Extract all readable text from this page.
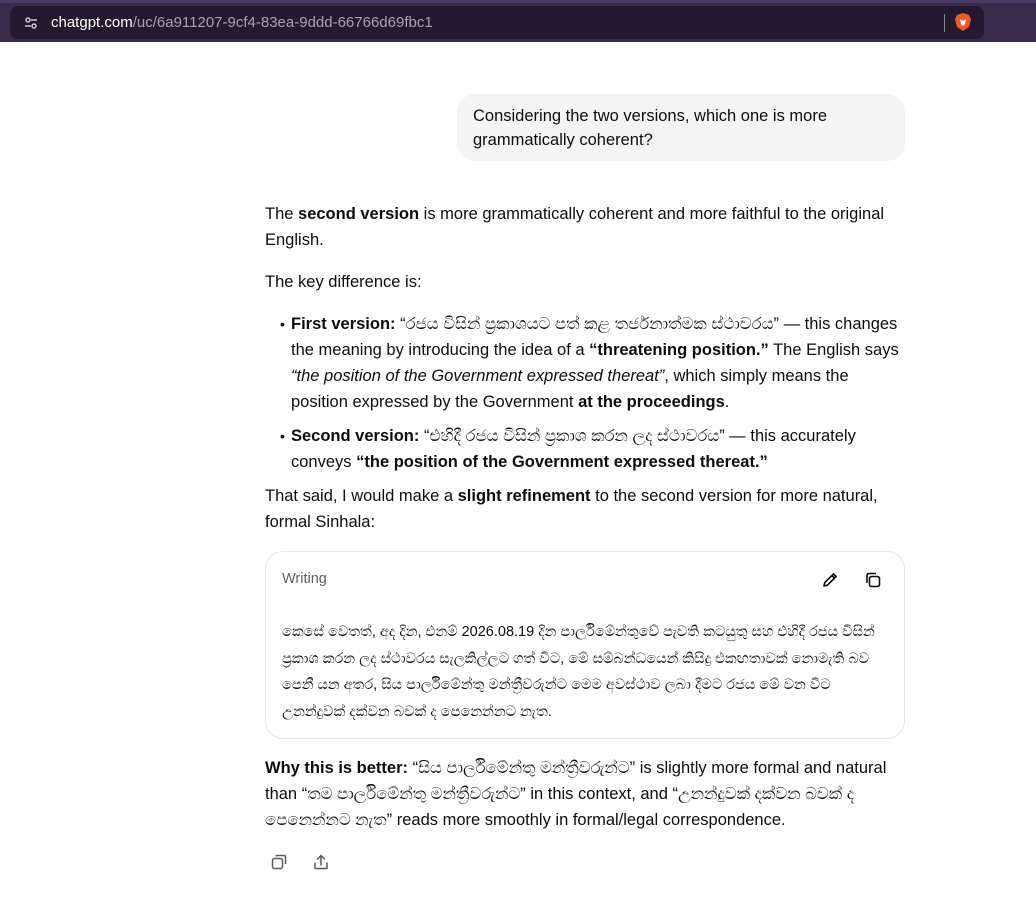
chatgpt.com/uc/6a911207-9cf4-83ea-9ddd-66766d69fbc1
Considering the two versions, which one is more grammatically coherent?

The second version is more grammatically coherent and more faithful to the original English.

The key difference is:

• First version: “රජය විසින් ප්‍රකාශයට පත් කළ තර්ජනාත්මක ස්ථාවරය” — this changes the meaning by introducing the idea of a “threatening position.” The English says “the position of the Government expressed thereat”, which simply means the position expressed by the Government at the proceedings.
• Second version: “එහිදී රජය විසින් ප්‍රකාශ කරන ලද ස්ථාවරය” — this accurately conveys “the position of the Government expressed thereat.”

That said, I would make a slight refinement to the second version for more natural, formal Sinhala:

Writing
කෙසේ වෙතත්, අද දින, එනම් 2026.08.19 දින පාර්ලිමේන්තුවේ පැවති කටයුතු සහ එහිදී රජය විසින් ප්‍රකාශ කරන ලද ස්ථාවරය සැලකිල්ලට ගත් විට, මේ සම්බන්ධයෙන් කිසිදු එකඟතාවක් නොමැති බව පෙනී යන අතර, සිය පාර්ලිමේන්තු මන්ත්‍රීවරුන්ට මෙම අවස්ථාව ලබා දීමට රජය මේ වන විට උනන්දුවක් දක්වන බවක් ද පෙනෙන්නට නැත.
Why this is better: “සිය පාර්ලිමේන්තු මන්ත්‍රීවරුන්ට” is slightly more formal and natural than “තම පාර්ලිමේන්තු මන්ත්‍රීවරුන්ට” in this context, and “උනන්දුවක් දක්වන බවක් ද පෙනෙන්නට නැත” reads more smoothly in formal/legal correspondence.
